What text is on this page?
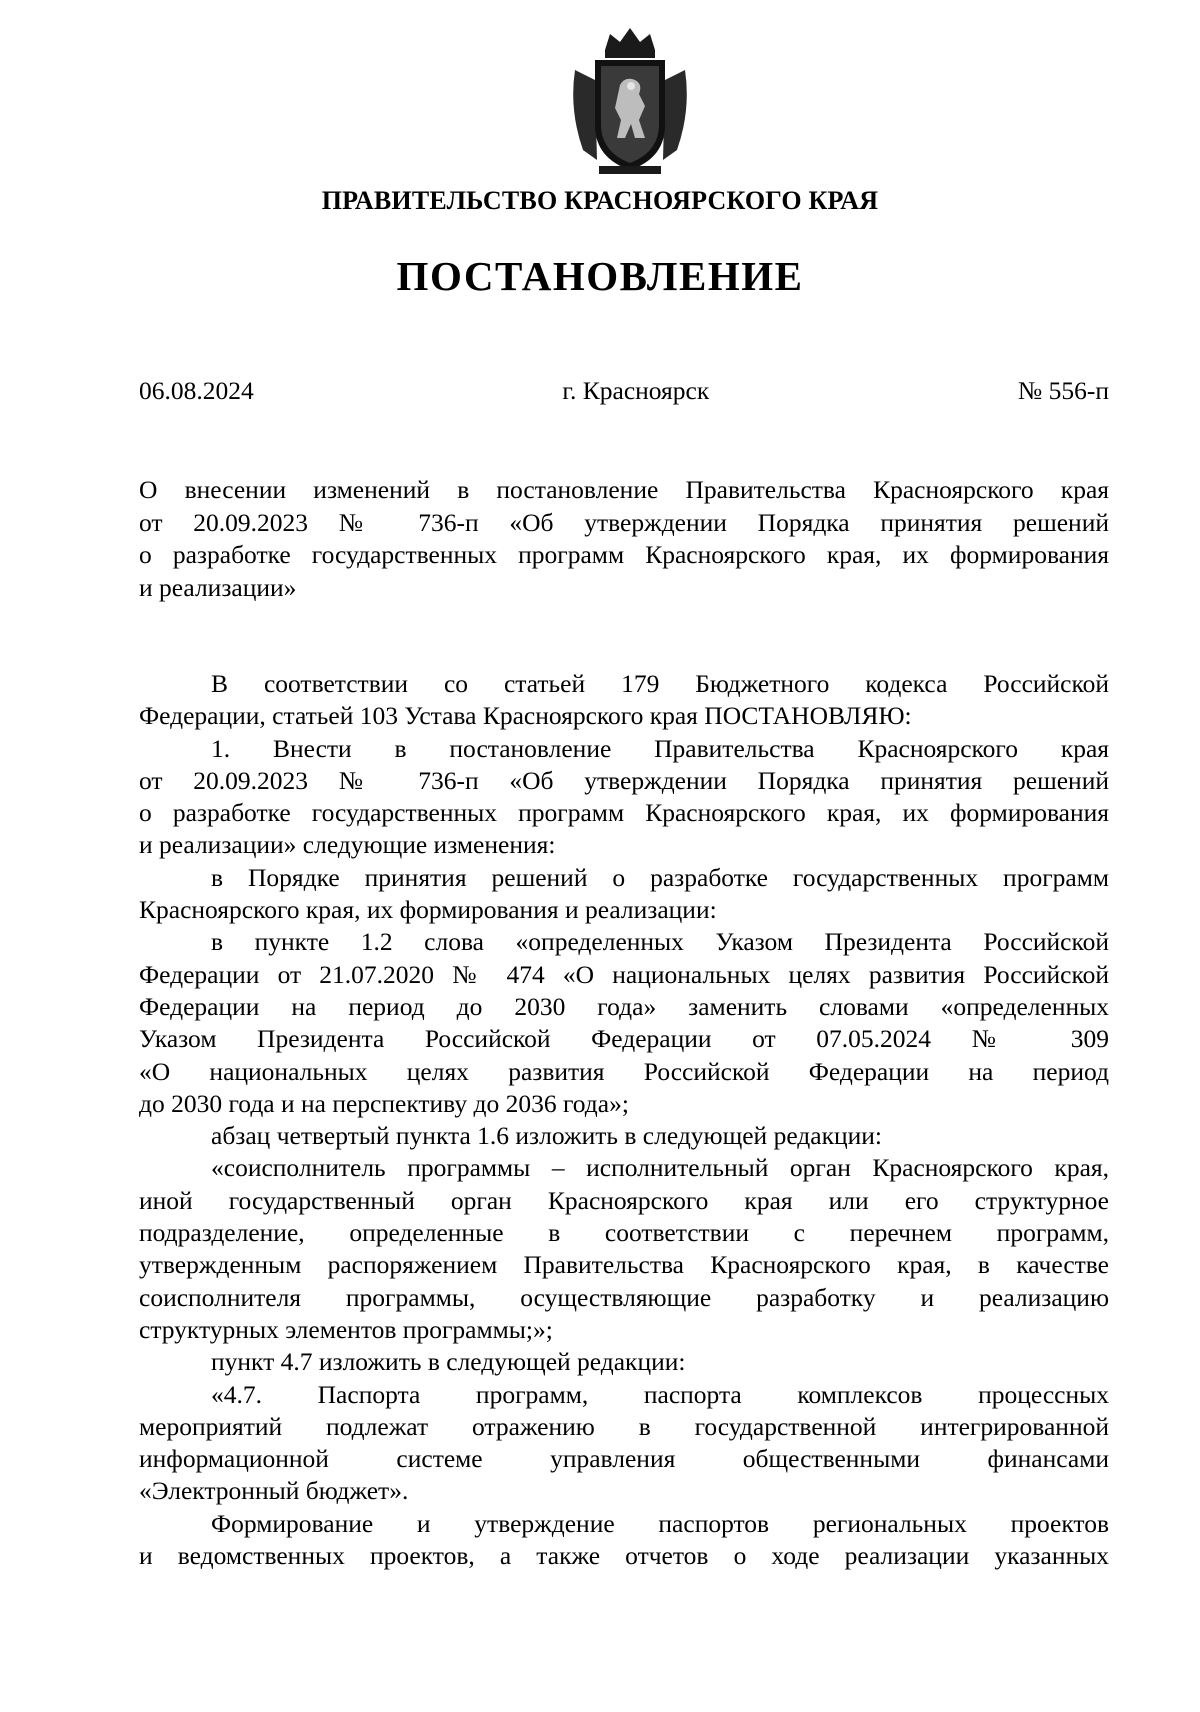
ПРАВИТЕЛЬСТВО КРАСНОЯРСКОГО КРАЯ
ПОСТАНОВЛЕНИЕ
06.08.2024	г. Красноярск	№ 556-п
О внесении изменений в постановление Правительства Красноярского края
от 20.09.2023 № 736-п «Об утверждении Порядка принятия решений
о разработке государственных программ Красноярского края, их формирования
и реализации»
В соответствии со статьей 179 Бюджетного кодекса Российской
Федерации, статьей 103 Устава Красноярского края ПОСТАНОВЛЯЮ:
1. Внести в постановление Правительства Красноярского края
от 20.09.2023 № 736-п «Об утверждении Порядка принятия решений
о разработке государственных программ Красноярского края, их формирования
и реализации» следующие изменения:
в Порядке принятия решений о разработке государственных программ
Красноярского края, их формирования и реализации:
в пункте 1.2 слова «определенных Указом Президента Российской
Федерации от 21.07.2020 № 474 «О национальных целях развития Российской
Федерации на период до 2030 года» заменить словами «определенных
Указом Президента Российской Федерации от 07.05.2024 № 309
«О национальных целях развития Российской Федерации на период
до 2030 года и на перспективу до 2036 года»;
абзац четвертый пункта 1.6 изложить в следующей редакции:
«соисполнитель программы – исполнительный орган Красноярского края,
иной государственный орган Красноярского края или его структурное
подразделение, определенные в соответствии с перечнем программ,
утвержденным распоряжением Правительства Красноярского края, в качестве
соисполнителя программы, осуществляющие разработку и реализацию
структурных элементов программы;»;
пункт 4.7 изложить в следующей редакции:
«4.7. Паспорта программ, паспорта комплексов процессных
мероприятий подлежат отражению в государственной интегрированной
информационной системе управления общественными финансами
«Электронный бюджет».
Формирование и утверждение паспортов региональных проектов
и ведомственных проектов, а также отчетов о ходе реализации указанных
